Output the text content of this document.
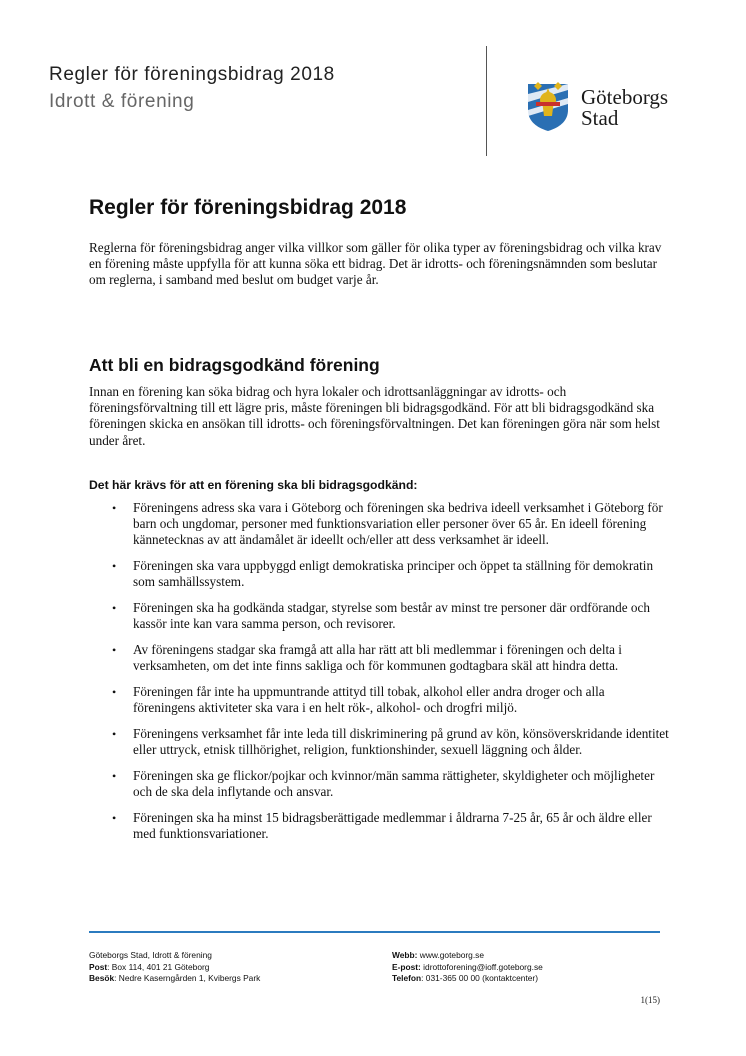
Regler för föreningsbidrag 2018
Idrott & förening	Göteborgs
Stad
Regler för föreningsbidrag 2018
Reglerna för föreningsbidrag anger vilka villkor som gäller för olika typer av föreningsbidrag och vilka krav en förening måste uppfylla för att kunna söka ett bidrag. Det är idrotts- och föreningsnämnden som beslutar om reglerna, i samband med beslut om budget varje år.
Att bli en bidragsgodkänd förening
Innan en förening kan söka bidrag och hyra lokaler och idrottsanläggningar av idrotts- och föreningsförvaltning till ett lägre pris, måste föreningen bli bidragsgodkänd. För att bli bidragsgodkänd ska föreningen skicka en ansökan till idrotts- och föreningsförvaltningen. Det kan föreningen göra när som helst under året.
Det här krävs för att en förening ska bli bidragsgodkänd:
• Föreningens adress ska vara i Göteborg och föreningen ska bedriva ideell verksamhet i Göteborg för barn och ungdomar, personer med funktionsvariation eller personer över 65 år. En ideell förening kännetecknas av att ändamålet är ideellt och/eller att dess verksamhet är ideell.
• Föreningen ska vara uppbyggd enligt demokratiska principer och öppet ta ställning för demokratin som samhällssystem.
• Föreningen ska ha godkända stadgar, styrelse som består av minst tre personer där ordförande och kassör inte kan vara samma person, och revisorer.
• Av föreningens stadgar ska framgå att alla har rätt att bli medlemmar i föreningen och delta i verksamheten, om det inte finns sakliga och för kommunen godtagbara skäl att hindra detta.
• Föreningen får inte ha uppmuntrande attityd till tobak, alkohol eller andra droger och alla föreningens aktiviteter ska vara i en helt rök-, alkohol- och drogfri miljö.
• Föreningens verksamhet får inte leda till diskriminering på grund av kön, könsöverskridande identitet eller uttryck, etnisk tillhörighet, religion, funktionshinder, sexuell läggning och ålder.
• Föreningen ska ge flickor/pojkar och kvinnor/män samma rättigheter, skyldigheter och möjligheter och de ska dela inflytande och ansvar.
• Föreningen ska ha minst 15 bidragsberättigade medlemmar i åldrarna 7-25 år, 65 år och äldre eller med funktionsvariationer.
Göteborgs Stad, Idrott & förening
Post: Box 114, 401 21 Göteborg
Besök: Nedre Kaserngården 1, Kvibergs Park
Webb: www.goteborg.se
E-post: idrottoforening@ioff.goteborg.se
Telefon: 031-365 00 00 (kontaktcenter)
1(15)
